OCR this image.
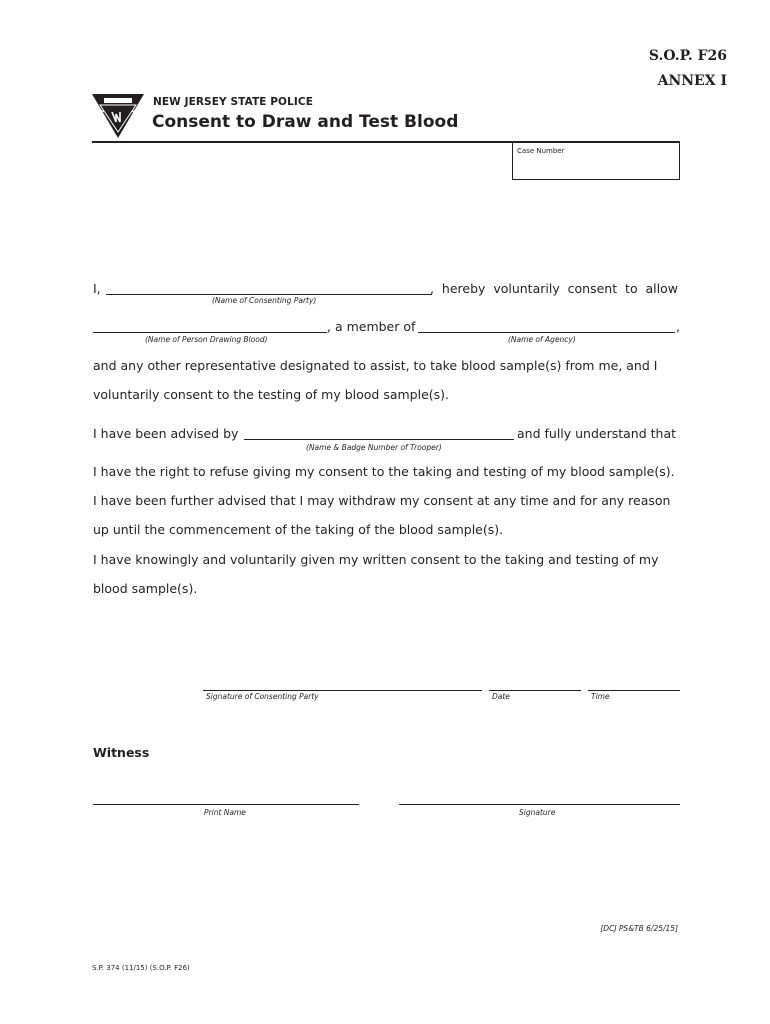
S.O.P. F26
ANNEX I
NEW JERSEY STATE POLICE
Consent to Draw and Test Blood
Case Number
I,	, hereby voluntarily consent to allow
(Name of Consenting Party)
, a member of	,
(Name of Person Drawing Blood)	(Name of Agency)
and any other representative designated to assist, to take blood sample(s) from me, and I
voluntarily consent to the testing of my blood sample(s).
I have been advised by	and fully understand that
(Name & Badge Number of Trooper)
I have the right to refuse giving my consent to the taking and testing of my blood sample(s).
I have been further advised that I may withdraw my consent at any time and for any reason
up until the commencement of the taking of the blood sample(s).
I have knowingly and voluntarily given my written consent to the taking and testing of my
blood sample(s).
Signature of Consenting Party	Date	Time
Witness
Print Name	Signature
[DCJ PS&TB 6/25/15]
S.P. 374 (11/15) (S.O.P. F26)
